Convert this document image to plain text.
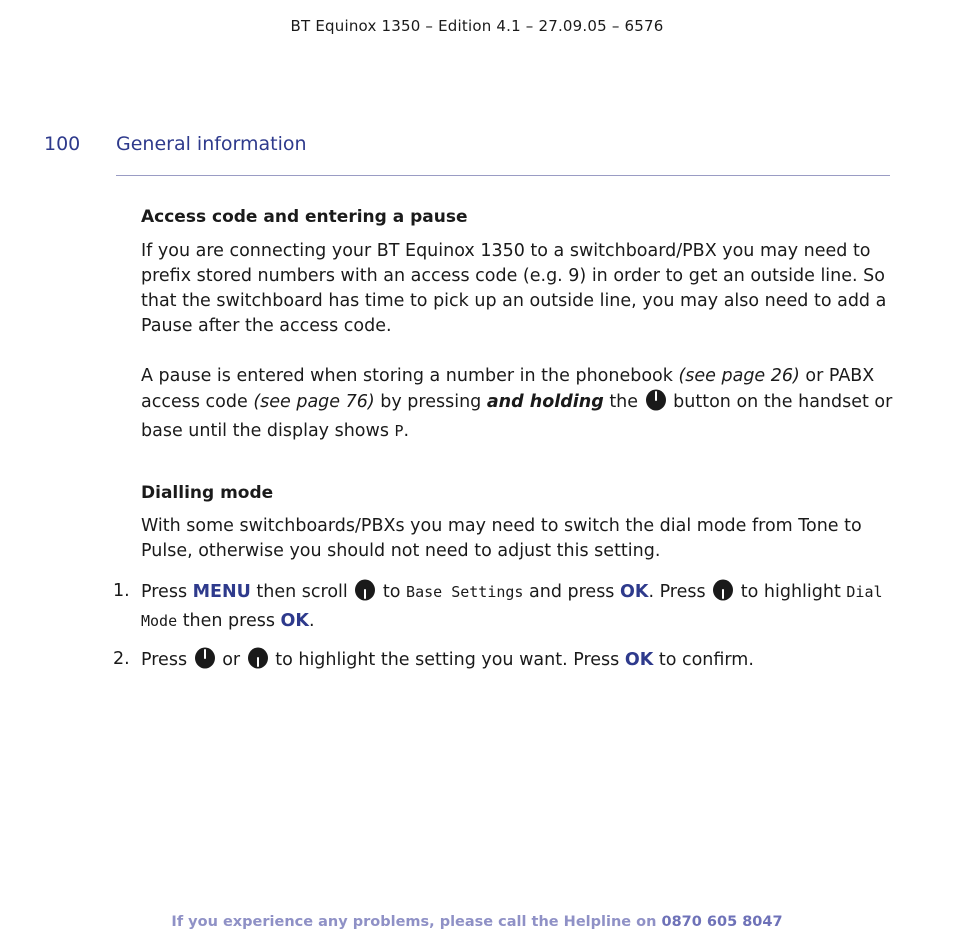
BT Equinox 1350 – Edition 4.1 – 27.09.05 – 6576
100 General information
Access code and entering a pause

If you are connecting your BT Equinox 1350 to a switchboard/PBX you may need to prefix stored numbers with an access code (e.g. 9) in order to get an outside line. So that the switchboard has time to pick up an outside line, you may also need to add a Pause after the access code.

A pause is entered when storing a number in the phonebook (see page 26) or PABX access code (see page 76) by pressing and holding the  button on the handset or base until the display shows P.

Dialling mode

With some switchboards/PBXs you may need to switch the dial mode from Tone to Pulse, otherwise you should not need to adjust this setting.

1. Press MENU then scroll  to Base Settings and press OK. Press  to highlight Dial Mode then press OK.
2. Press  or  to highlight the setting you want. Press OK to confirm.
If you experience any problems, please call the Helpline on 0870 605 8047
